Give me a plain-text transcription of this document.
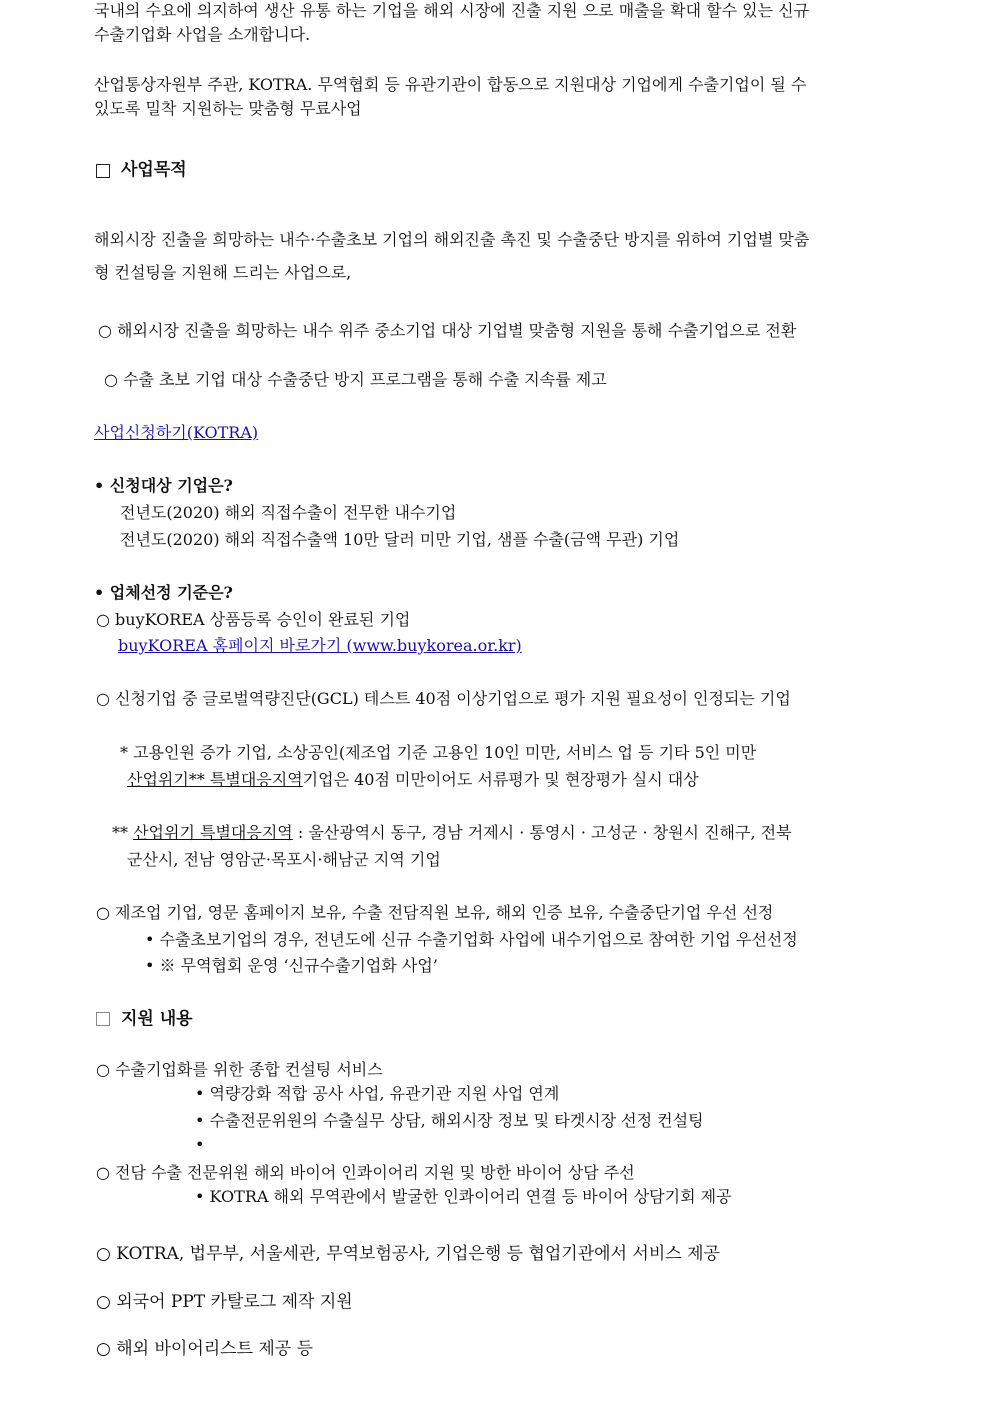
국내의 수요에 의지하여 생산 유통 하는 기업을 해외 시장에 진출 지원 으로 매출을 확대 할수 있는 신규
수출기업화 사업을 소개합니다.
산업통상자원부 주관, KOTRA. 무역협회 등 유관기관이 합동으로 지원대상 기업에게 수출기업이 될 수
있도록 밀착 지원하는 맞춤형 무료사업
사업목적
해외시장 진출을 희망하는 내수·수출초보 기업의 해외진출 촉진 및 수출중단 방지를 위하여 기업별 맞춤
형 컨설팅을 지원해 드리는 사업으로,
○ 해외시장 진출을 희망하는 내수 위주 중소기업 대상 기업별 맞춤형 지원을 통해 수출기업으로 전환
○ 수출 초보 기업 대상 수출중단 방지 프로그램을 통해 수출 지속률 제고
사업신청하기(KOTRA)
• 신청대상 기업은?
전년도(2020) 해외 직접수출이 전무한 내수기업
전년도(2020) 해외 직접수출액 10만 달러 미만 기업, 샘플 수출(금액 무관) 기업
• 업체선정 기준은?
○ buyKOREA 상품등록 승인이 완료된 기업
buyKOREA 홈페이지 바로가기 (www.buykorea.or.kr)
○ 신청기업 중 글로벌역량진단(GCL) 테스트 40점 이상기업으로 평가 지원 필요성이 인정되는 기업
* 고용인원 증가 기업, 소상공인(제조업 기준 고용인 10인 미만, 서비스 업 등 기타 5인 미만
산업위기** 특별대응지역기업은 40점 미만이어도 서류평가 및 현장평가 실시 대상
** 산업위기 특별대응지역 : 울산광역시 동구, 경남 거제시 · 통영시 · 고성군 · 창원시 진해구, 전북
군산시, 전남 영암군·목포시·해남군 지역 기업
○ 제조업 기업, 영문 홈페이지 보유, 수출 전담직원 보유, 해외 인증 보유, 수출중단기업 우선 선정
• 수출초보기업의 경우, 전년도에 신규 수출기업화 사업에 내수기업으로 참여한 기업 우선선정
• ※ 무역협회 운영 ‘신규수출기업화 사업’
지원 내용
○ 수출기업화를 위한 종합 컨설팅 서비스
• 역량강화 적합 공사 사업, 유관기관 지원 사업 연계
• 수출전문위원의 수출실무 상담, 해외시장 정보 및 타겟시장 선정 컨설팅
•
○ 전담 수출 전문위원 해외 바이어 인콰이어리 지원 및 방한 바이어 상담 주선
• KOTRA 해외 무역관에서 발굴한 인콰이어리 연결 등 바이어 상담기회 제공
○ KOTRA, 법무부, 서울세관, 무역보험공사, 기업은행 등 협업기관에서 서비스 제공
○ 외국어 PPT 카탈로그 제작 지원
○ 해외 바이어리스트 제공 등
